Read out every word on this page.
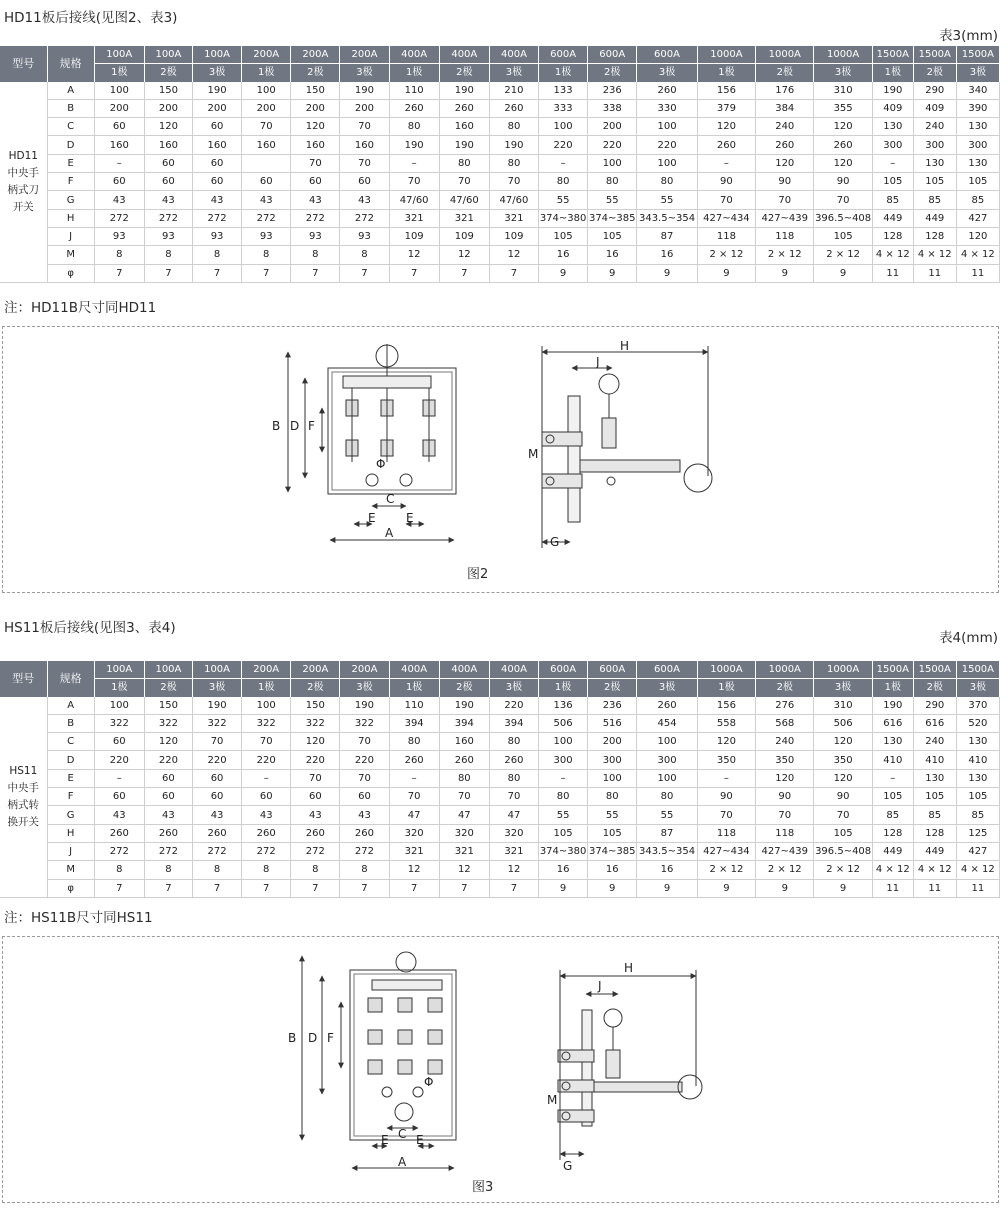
HD11板后接线(见图2、表3)
表3(mm)
型号	规格	100A	100A	100A	200A	200A	200A	400A	400A	400A	600A	600A	600A	1000A	1000A	1000A	1500A	1500A	1500A
		1极	2极	3极	1极	2极	3极	1极	2极	3极	1极	2极	3极	1极	2极	3极	1极	2极	3极

HD11
中央手
柄式刀
开关	A	100	150	190	100	150	190	110	190	210	133	236	260	156	176	310	190	290	340
	B	200	200	200	200	200	200	260	260	260	333	338	330	379	384	355	409	409	390
	C	60	120	60	70	120	70	80	160	80	100	200	100	120	240	120	130	240	130
	D	160	160	160	160	160	160	190	190	190	220	220	220	260	260	260	300	300	300
	E	–	60	60		70	70	–	80	80	–	100	100	–	120	120	–	130	130
	F	60	60	60	60	60	60	70	70	70	80	80	80	90	90	90	105	105	105
	G	43	43	43	43	43	43	47/60	47/60	47/60	55	55	55	70	70	70	85	85	85
	H	272	272	272	272	272	272	321	321	321	374~380	374~385	343.5~354	427~434	427~439	396.5~408	449	449	427
	J	93	93	93	93	93	93	109	109	109	105	105	87	118	118	105	128	128	120
	M	8	8	8	8	8	8	12	12	12	16	16	16	2 × 12	2 × 12	2 × 12	4 × 12	4 × 12	4 × 12
	φ	7	7	7	7	7	7	7	7	7	9	9	9	9	9	9	11	11	11
注：HD11B尺寸同HD11
图2
HS11板后接线(见图3、表4)
表4(mm)
型号	规格	100A	100A	100A	200A	200A	200A	400A	400A	400A	600A	600A	600A	1000A	1000A	1000A	1500A	1500A	1500A
		1极	2极	3极	1极	2极	3极	1极	2极	3极	1极	2极	3极	1极	2极	3极	1极	2极	3极

HS11
中央手
柄式转
换开关	A	100	150	190	100	150	190	110	190	220	136	236	260	156	276	310	190	290	370
	B	322	322	322	322	322	322	394	394	394	506	516	454	558	568	506	616	616	520
	C	60	120	70	70	120	70	80	160	80	100	200	100	120	240	120	130	240	130
	D	220	220	220	220	220	220	260	260	260	300	300	300	350	350	350	410	410	410
	E	–	60	60	–	70	70	–	80	80	–	100	100	–	120	120	–	130	130
	F	60	60	60	60	60	60	70	70	70	80	80	80	90	90	90	105	105	105
	G	43	43	43	43	43	43	47	47	47	55	55	55	70	70	70	85	85	85
	H	260	260	260	260	260	260	320	320	320	105	105	87	118	118	105	128	128	125
	J	272	272	272	272	272	272	321	321	321	374~380	374~385	343.5~354	427~434	427~439	396.5~408	449	449	427
	M	8	8	8	8	8	8	12	12	12	16	16	16	2 × 12	2 × 12	2 × 12	4 × 12	4 × 12	4 × 12
	φ	7	7	7	7	7	7	7	7	7	9	9	9	9	9	9	11	11	11
注：HS11B尺寸同HS11
图3
B D F
A
C
E	E
Φ
H
J
M
G
B D F
A
C
E E
Φ
H
J
M
G
